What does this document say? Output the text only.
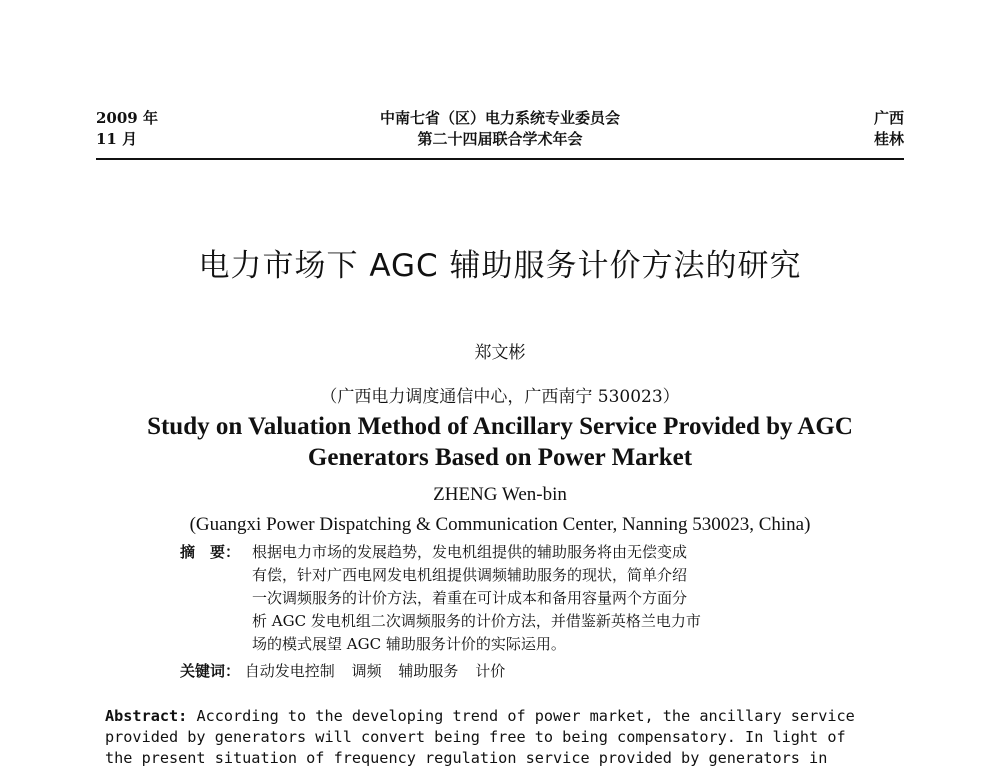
2009 年
11 月
中南七省（区）电力系统专业委员会
第二十四届联合学术年会
广西
桂林
电力市场下 AGC 辅助服务计价方法的研究
郑文彬
（广西电力调度通信中心，广西南宁 530023）
Study on Valuation Method of Ancillary Service Provided by AGC
Generators Based on Power Market
ZHENG Wen-bin
(Guangxi Power Dispatching & Communication Center, Nanning 530023, China)
摘　要： 根据电力市场的发展趋势，发电机组提供的辅助服务将由无偿变成
有偿，针对广西电网发电机组提供调频辅助服务的现状，简单介绍
一次调频服务的计价方法，着重在可计成本和备用容量两个方面分
析 AGC 发电机组二次调频服务的计价方法，并借鉴新英格兰电力市
场的模式展望 AGC 辅助服务计价的实际运用。
关键词： 自动发电控制 调频 辅助服务 计价
Abstract: According to the developing trend of power market, the ancillary service
provided by generators will convert being free to being compensatory. In light of
the present situation of frequency regulation service provided by generators in
